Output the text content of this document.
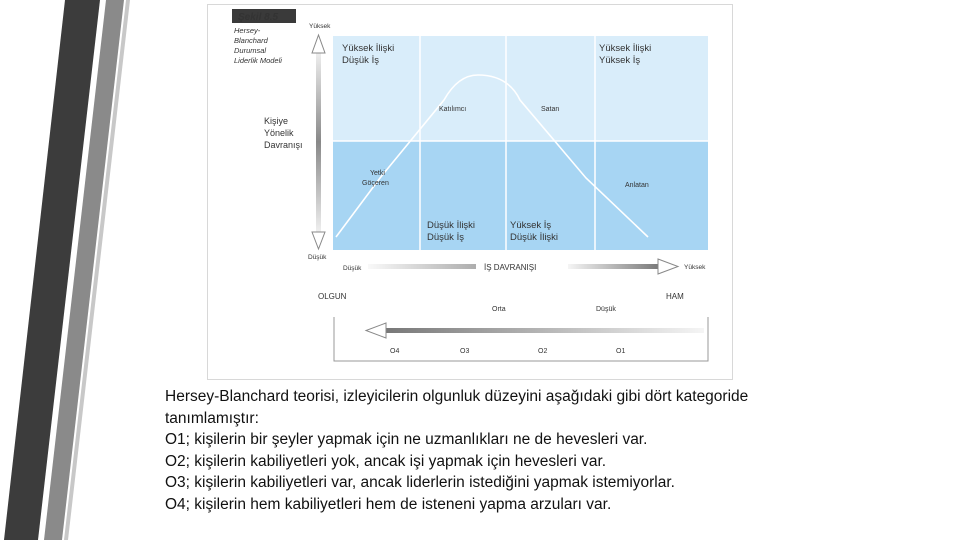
Şekil 8.5
Hersey- Blanchard Durumsal Liderlik Modeli
Yüksek
Düşük
Kişiye Yönelik Davranışı
Yüksek İlişki Düşük İş
Yüksek İlişki Yüksek İş
Düşük İlişki Düşük İş
Yüksek İş Düşük İlişki
Katılımcı	Satan
Yetki Göçeren	Anlatan
Düşük	İŞ DAVRANIŞI	Yüksek
OLGUN	HAM
Orta	Düşük
O4	O3	O2	O1
Hersey-Blanchard teorisi, izleyicilerin olgunluk düzeyini aşağıdaki gibi dört kategoride
tanımlamıştır:
O1; kişilerin bir şeyler yapmak için ne uzmanlıkları ne de hevesleri var.
O2; kişilerin kabiliyetleri yok, ancak işi yapmak için hevesleri var.
O3; kişilerin kabiliyetleri var, ancak liderlerin istediğini yapmak istemiyorlar.
O4; kişilerin hem kabiliyetleri hem de isteneni yapma arzuları var.
